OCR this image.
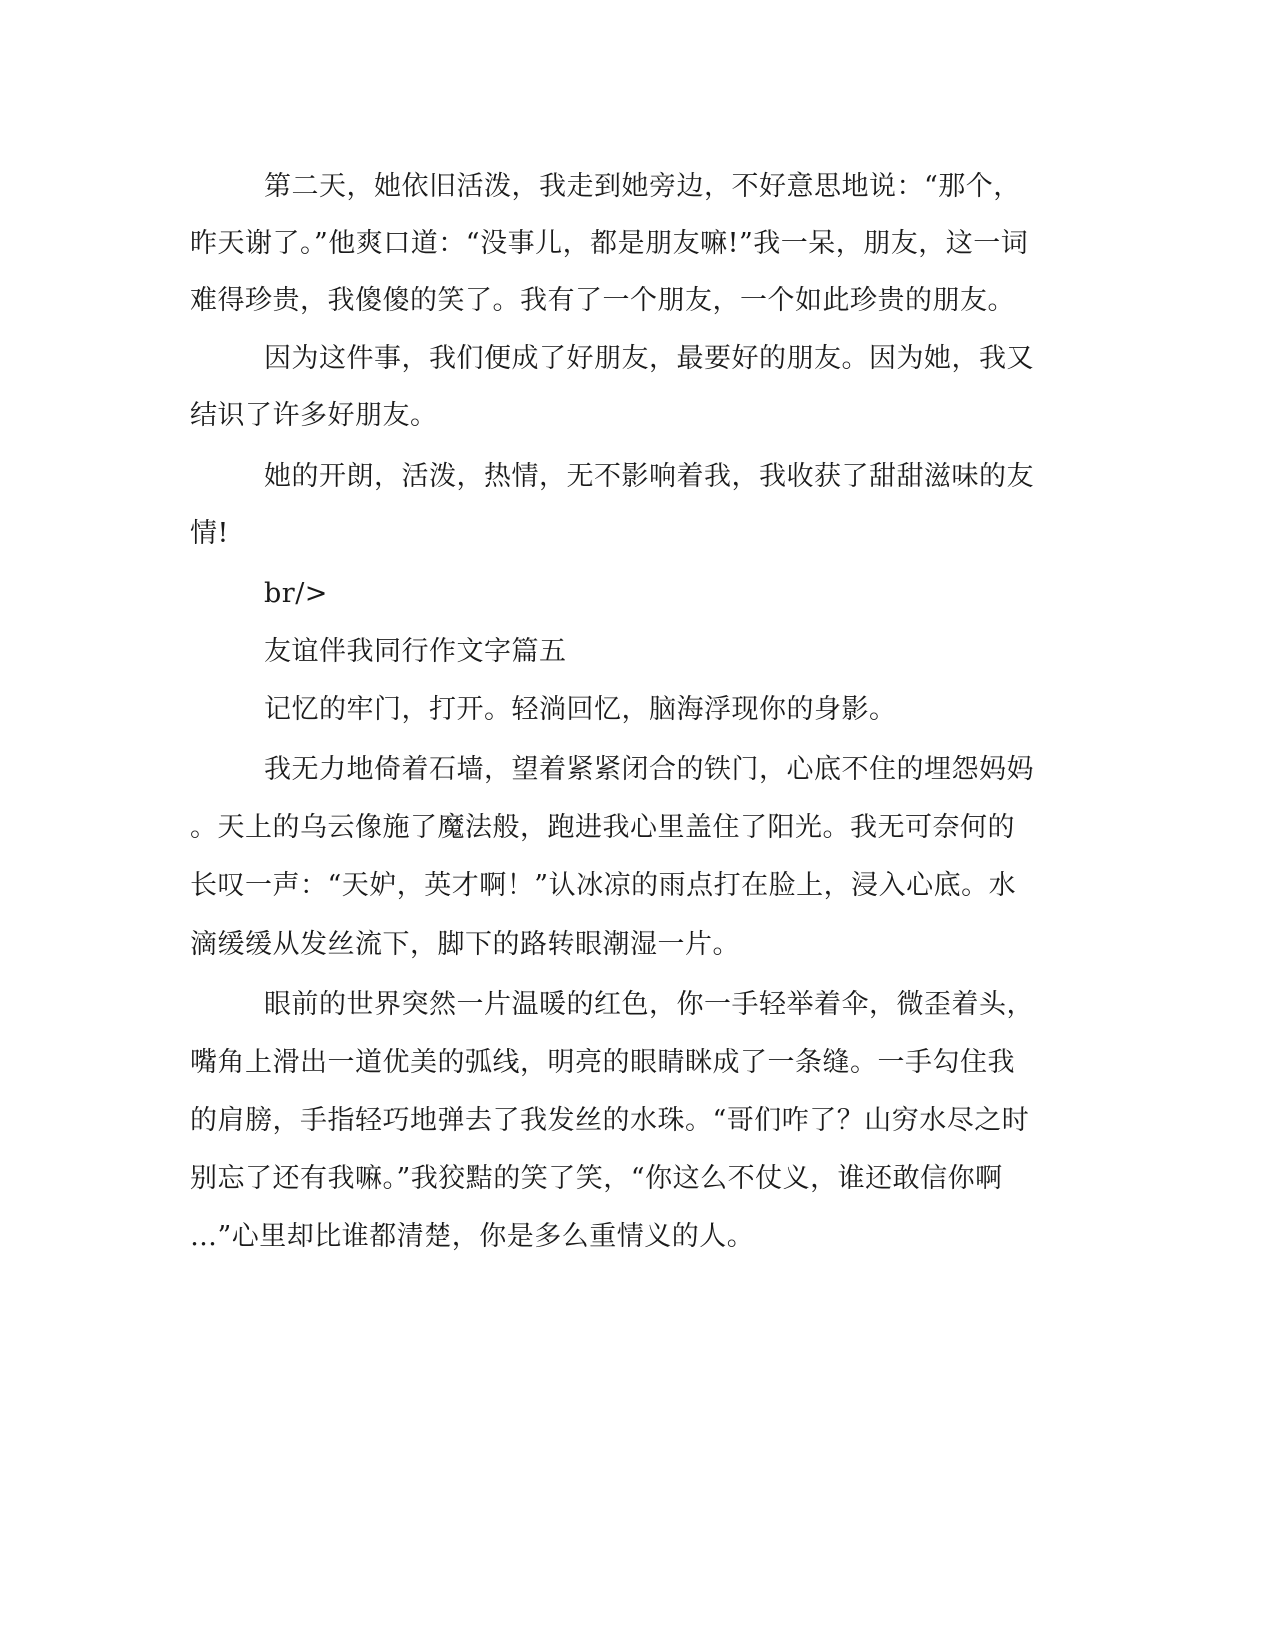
第二天，她依旧活泼，我走到她旁边，不好意思地说：“那个，
昨天谢了。”他爽口道：“没事儿，都是朋友嘛!”我一呆，朋友，这一词
难得珍贵，我傻傻的笑了。我有了一个朋友，一个如此珍贵的朋友。
因为这件事，我们便成了好朋友，最要好的朋友。因为她，我又
结识了许多好朋友。
她的开朗，活泼，热情，无不影响着我，我收获了甜甜滋味的友
情!
br/>
友谊伴我同行作文字篇五
记忆的牢门，打开。轻淌回忆，脑海浮现你的身影。
我无力地倚着石墙，望着紧紧闭合的铁门，心底不住的埋怨妈妈
。天上的乌云像施了魔法般，跑进我心里盖住了阳光。我无可奈何的
长叹一声：“天妒，英才啊！”认冰凉的雨点打在脸上，浸入心底。水
滴缓缓从发丝流下，脚下的路转眼潮湿一片。
眼前的世界突然一片温暖的红色，你一手轻举着伞，微歪着头，
嘴角上滑出一道优美的弧线，明亮的眼睛眯成了一条缝。一手勾住我
的肩膀，手指轻巧地弹去了我发丝的水珠。“哥们咋了？山穷水尽之时
别忘了还有我嘛。”我狡黠的笑了笑，“你这么不仗义，谁还敢信你啊
…”心里却比谁都清楚，你是多么重情义的人。
